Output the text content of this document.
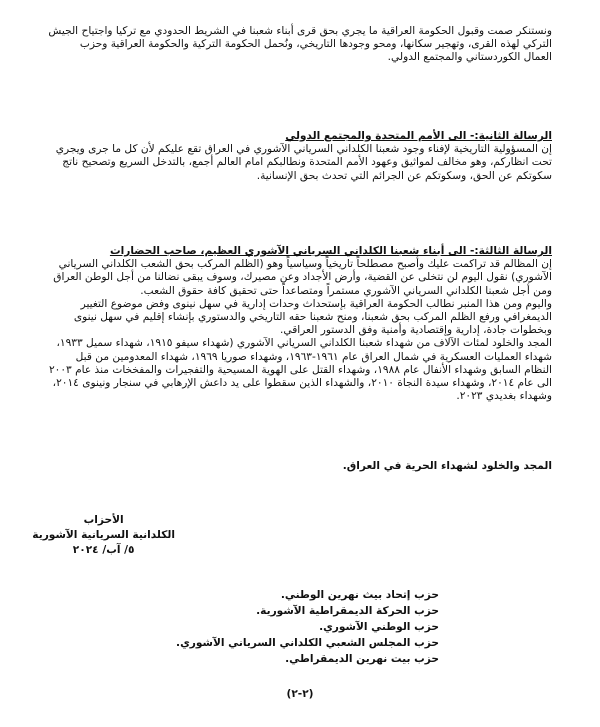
ونستنكر صمت وقبول الحكومة العراقية ما يجري بحق قرى أبناء شعبنا في الشريط الحدودي مع تركيا واجتياح الجيش
التركي لهذه القرى، وتهجير سكانها، ومحو وجودها التاريخي، ونُحمل الحكومة التركية والحكومة العراقية وحزب
العمال الكوردستاني والمجتمع الدولي.
الرسالة الثانية:- الى الأمم المتحدة والمجتمع الدولي
إن المسؤولية التاريخية لإفناء وجود شعبنا الكلداني السرياني الآشوري في العراق تقع عليكم لأن كل ما جرى ويجري
تحت انظاركم، وهو مخالف لمواثيق وعهود الأمم المتحدة ونطالبكم امام العالم أجمع، بالتدخل السريع وتصحيح ناتج
سكوتكم عن الحق، وسكوتكم عن الجرائم التي تحدث بحق الإنسانية.
الرسالة الثالثة:- الى أبناء شعبنا الكلداني السرياني الآشوري العظيم، صاحب الحضارات
إن المظالم قد تراكمت عليك وأصبح مصطلحاً تاريخياً وسياسياً وهو (الظلم المركب بحق الشعب الكلداني السرياني
الآشوري) نقول اليوم لن نتخلى عن القضية، وأرض الأجداد وعن مصيرك، وسوف يبقى نضالنا من أجل الوطن العراق
ومن أجل شعبنا الكلداني السرياني الآشوري مستمراً ومتصاعداً حتى تحقيق كافة حقوق الشعب.
واليوم ومن هذا المنبر نطالب الحكومة العراقية بإستحداث وحدات إدارية في سهل نينوى وفض موضوع التغيير
الديمغرافي ورفع الظلم المركب بحق شعبنا، ومنح شعبنا حقه التاريخي والدستوري بإنشاء إقليم في سهل نينوى
وبخطوات جادة، إدارية وإقتصادية وأمنية وفق الدستور العراقي.
المجد والخلود لمئات الآلاف من شهداء شعبنا الكلداني السرياني الآشوري (شهداء سيفو ١٩١٥، شهداء سميل ١٩٣٣،
شهداء العمليات العسكرية في شمال العراق عام ١٩٦١-١٩٦٣، وشهداء صوريا ١٩٦٩، شهداء المعدومين من قبل
النظام السابق وشهداء الأنفال عام ١٩٨٨، وشهداء القتل على الهوية المسيحية والتفجيرات والمفخخات منذ عام ٢٠٠٣
الى عام ٢٠١٤، وشهداء سيدة النجاة ٢٠١٠، والشهداء الذين سقطوا على يد داعش الإرهابي في سنجار ونينوى ٢٠١٤،
وشهداء بغديدي ٢٠٢٣.
المجد والخلود لشهداء الحرية في العراق.
الأحزاب
الكلدانية السريانية الآشورية
٥/ آب/ ٢٠٢٤
حزب إتحاد بيث نهرين الوطني.
حزب الحركة الديمقراطية الآشورية.
حزب الوطني الآشوري.
حزب المجلس الشعبي الكلداني السرياني الآشوري.
حزب بيت نهرين الديمقراطي.
(٢-٢)
